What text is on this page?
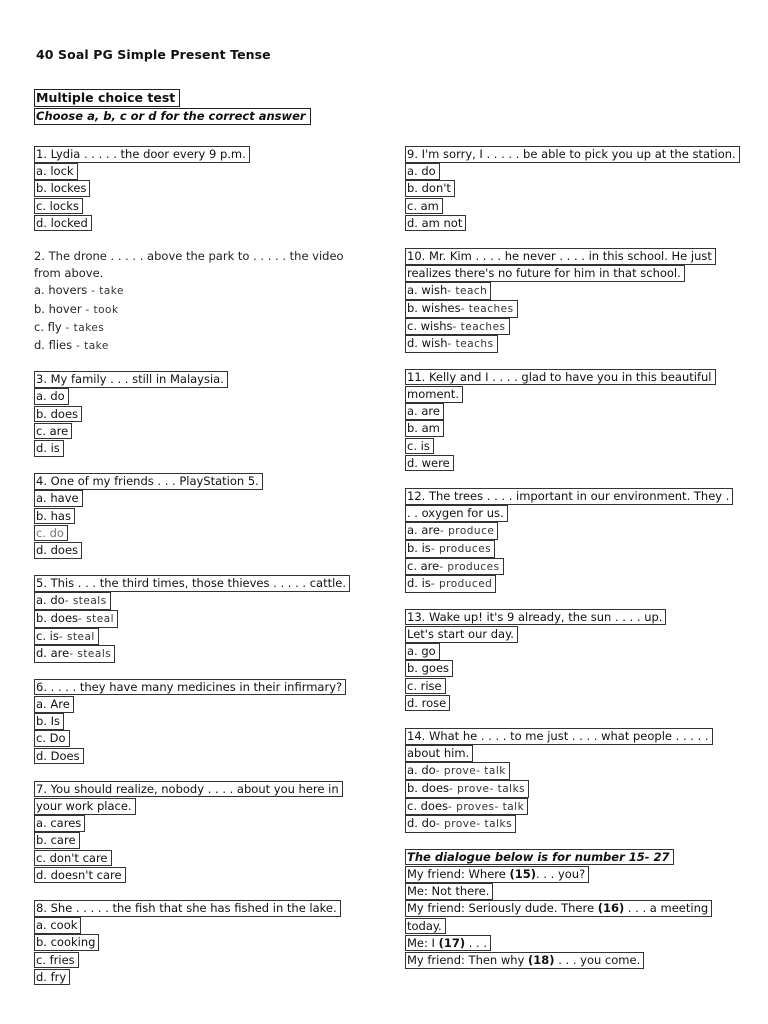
40 Soal PG Simple Present Tense
Multiple choice test
Choose a, b, c or d for the correct answer
1. Lydia . . . . . the door every 9 p.m.
a. lock
b. lockes
c. locks
d. locked
2. The drone . . . . . above the park to . . . . . the video
from above.
a. hovers - take
b. hover - took
c. fly - takes
d. flies - take
3. My family . . . still in Malaysia.
a. do
b. does
c. are
d. is
4. One of my friends . . . PlayStation 5.
a. have
b. has
c. do
d. does
5. This . . . the third times, those thieves . . . . . cattle.
a. do- steals
b. does- steal
c. is- steal
d. are- steals
6. . . . . they have many medicines in their infirmary?
a. Are
b. Is
c. Do
d. Does
7. You should realize, nobody . . . . about you here in
your work place.
a. cares
b. care
c. don't care
d. doesn't care
8. She . . . . . the fish that she has fished in the lake.
a. cook
b. cooking
c. fries
d. fry
9. I'm sorry, I . . . . . be able to pick you up at the station.
a. do
b. don't
c. am
d. am not
10. Mr. Kim . . . . he never . . . . in this school. He just
realizes there's no future for him in that school.
a. wish- teach
b. wishes- teaches
c. wishs- teaches
d. wish- teachs
11. Kelly and I . . . . glad to have you in this beautiful
moment.
a. are
b. am
c. is
d. were
12. The trees . . . . important in our environment. They .
. . oxygen for us.
a. are- produce
b. is- produces
c. are- produces
d. is- produced
13. Wake up! it's 9 already, the sun . . . . up.
Let's start our day.
a. go
b. goes
c. rise
d. rose
14. What he . . . . to me just . . . . what people . . . . .
about him.
a. do- prove- talk
b. does- prove- talks
c. does- proves- talk
d. do- prove- talks
The dialogue below is for number 15- 27
My friend: Where (15). . . you?
Me: Not there.
My friend: Seriously dude. There (16) . . . a meeting
today.
Me: I (17) . . .
My friend: Then why (18) . . . you come.
